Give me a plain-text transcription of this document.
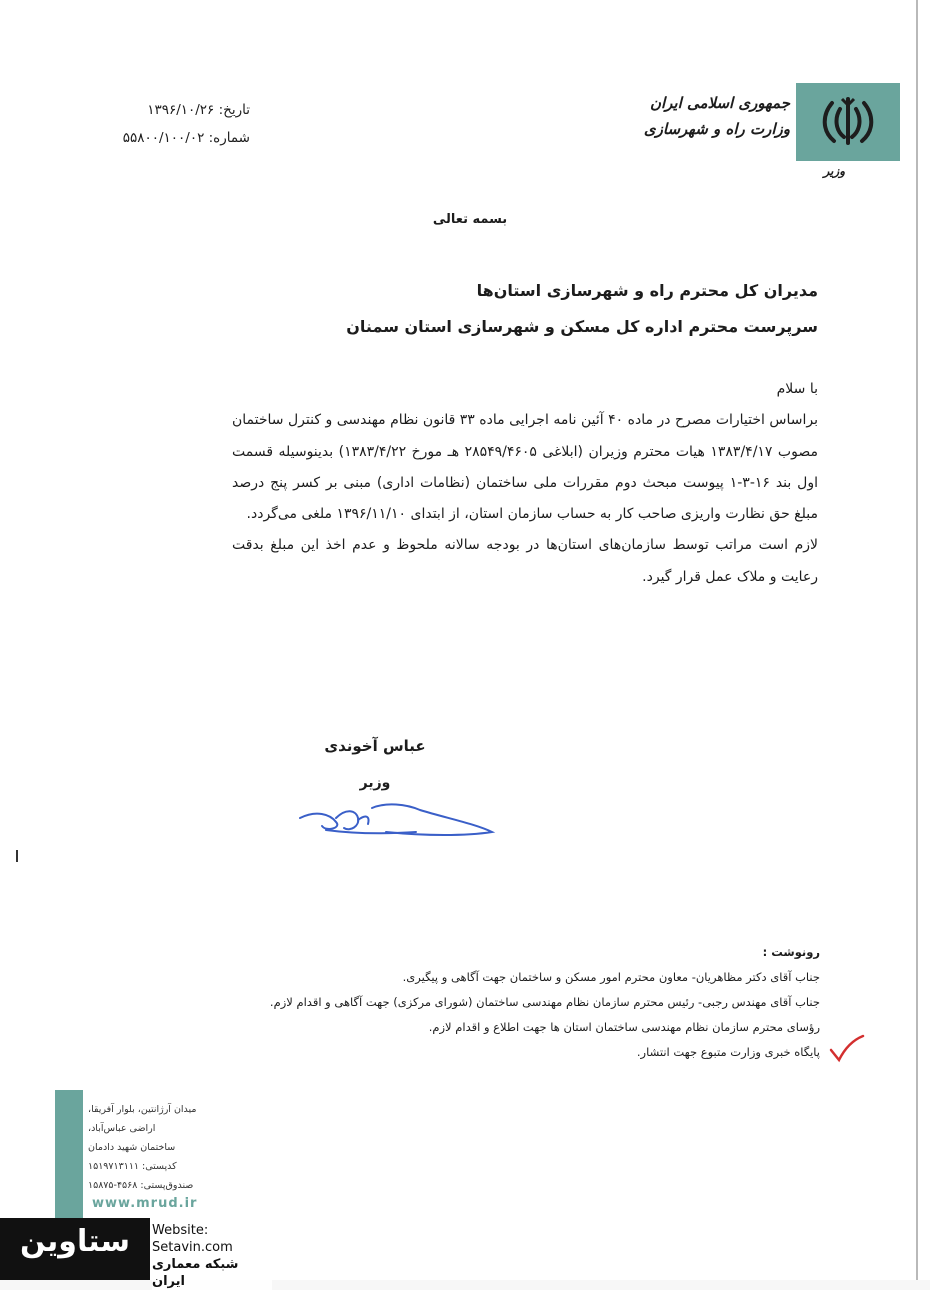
جمهوری اسلامی ایران
وزارت راه و شهرسازی
وزیر
تاریخ: ۱۳۹۶/۱۰/۲۶
شماره: ۵۵۸۰۰/۱۰۰/۰۲
بسمه تعالی
مدیران کل محترم راه و شهرسازی استان‌ها
سرپرست محترم اداره کل مسکن و شهرسازی استان سمنان

با سلام

براساس اختیارات مصرح در ماده ۴۰ آئین نامه اجرایی ماده ۳۳ قانون نظام مهندسی و کنترل ساختمان مصوب ۱۳۸۳/۴/۱۷ هیات محترم وزیران (ابلاغی ۲۸۵۴۹/۴۶۰۵ هـ مورخ ۱۳۸۳/۴/۲۲) بدینوسیله قسمت اول بند ۱۶-۳-۱ پیوست مبحث دوم مقررات ملی ساختمان (نظامات اداری) مبنی بر کسر پنج درصد مبلغ حق نظارت واریزی صاحب کار به حساب سازمان استان، از ابتدای ۱۳۹۶/۱۱/۱۰ ملغی می‌گردد.

لازم است مراتب توسط سازمان‌های استان‌ها در بودجه سالانه ملحوظ و عدم اخذ این مبلغ بدقت رعایت و ملاک عمل قرار گیرد.

عباس آخوندی
وزیر
رونوشت :
جناب آقای دکتر مظاهریان- معاون محترم امور مسکن و ساختمان جهت آگاهی و پیگیری.
جناب آقای مهندس رجبی- رئیس محترم سازمان نظام مهندسی ساختمان (شورای مرکزی) جهت آگاهی و اقدام لازم.
رؤسای محترم سازمان نظام مهندسی ساختمان استان ها جهت اطلاع و اقدام لازم.
پایگاه خبری وزارت متبوع جهت انتشار.
میدان آرژانتین، بلوار آفریقا،
اراضی عباس‌آباد،
ساختمان شهید دادمان
کدپستی: ۱۵۱۹۷۱۳۱۱۱
صندوق‌پستی: ۴۵۶۸-۱۵۸۷۵
www.mrud.ir
ستاوین	Website:
Setavin.com
شبکه معماری ایران
